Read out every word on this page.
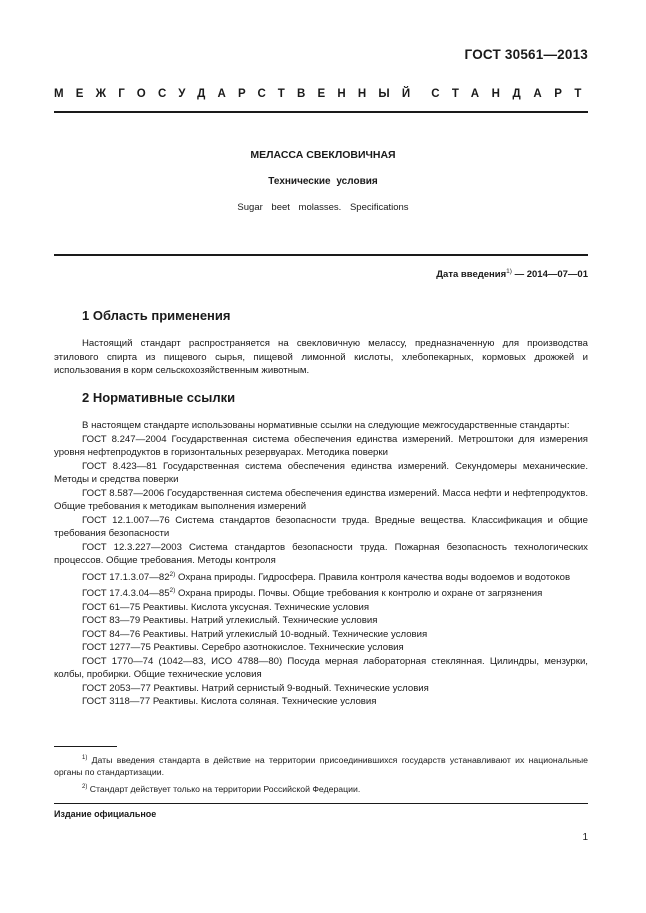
ГОСТ 30561—2013
МЕЖГОСУДАРСТВЕННЫЙ СТАНДАРТ
МЕЛАССА СВЕКЛОВИЧНАЯ
Технические условия
Sugar beet molasses. Specifications
Дата введения$^{1)}$ — 2014—07—01
1 Область применения

Настоящий стандарт распространяется на свекловичную мелассу, предназначенную для производства этилового спирта из пищевого сырья, пищевой лимонной кислоты, хлебопекарных, кормовых дрожжей и использования в корм сельскохозяйственным животным.

2 Нормативные ссылки

В настоящем стандарте использованы нормативные ссылки на следующие межгосударственные стандарты:

ГОСТ 8.247—2004 Государственная система обеспечения единства измерений. Метроштоки для измерения уровня нефтепродуктов в горизонтальных резервуарах. Методика поверки

ГОСТ 8.423—81 Государственная система обеспечения единства измерений. Секундомеры механические. Методы и средства поверки

ГОСТ 8.587—2006 Государственная система обеспечения единства измерений. Масса нефти и нефтепродуктов. Общие требования к методикам выполнения измерений

ГОСТ 12.1.007—76 Система стандартов безопасности труда. Вредные вещества. Классификация и общие требования безопасности

ГОСТ 12.3.227—2003 Система стандартов безопасности труда. Пожарная безопасность технологических процессов. Общие требования. Методы контроля

ГОСТ 17.1.3.07—82$^{2)}$ Охрана природы. Гидросфера. Правила контроля качества воды водоемов и водотоков

ГОСТ 17.4.3.04—85$^{2)}$ Охрана природы. Почвы. Общие требования к контролю и охране от загрязнения

ГОСТ 61—75 Реактивы. Кислота уксусная. Технические условия

ГОСТ 83—79 Реактивы. Натрий углекислый. Технические условия

ГОСТ 84—76 Реактивы. Натрий углекислый 10-водный. Технические условия

ГОСТ 1277—75 Реактивы. Серебро азотнокислое. Технические условия

ГОСТ 1770—74 (1042—83, ИСО 4788—80) Посуда мерная лабораторная стеклянная. Цилиндры, мензурки, колбы, пробирки. Общие технические условия

ГОСТ 2053—77 Реактивы. Натрий сернистый 9-водный. Технические условия

ГОСТ 3118—77 Реактивы. Кислота соляная. Технические условия

$^{1)}$ Даты введения стандарта в действие на территории присоединившихся государств устанавливают их национальные органы по стандартизации.

$^{2)}$ Стандарт действует только на территории Российской Федерации.

Издание официальное
1
